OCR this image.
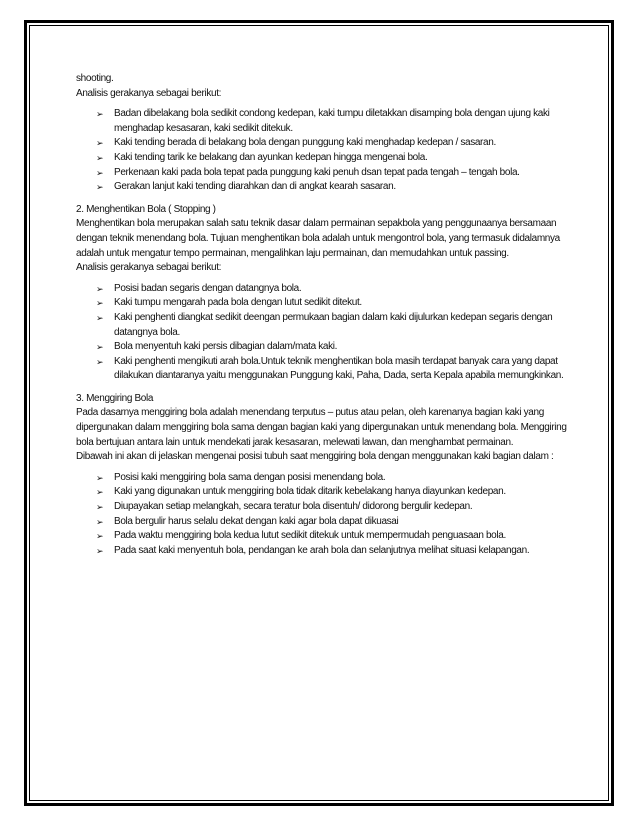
shooting.

Analisis gerakanya sebagai berikut:

➢ Badan dibelakang bola sedikit condong kedepan, kaki tumpu diletakkan disamping bola dengan ujung kaki menghadap kesasaran, kaki sedikit ditekuk.
➢ Kaki tending berada di belakang bola dengan punggung kaki menghadap kedepan / sasaran.
➢ Kaki tending tarik ke belakang dan ayunkan kedepan hingga mengenai bola.
➢ Perkenaan kaki pada bola tepat pada punggung kaki penuh dsan tepat pada tengah – tengah bola.
➢ Gerakan lanjut kaki tending diarahkan dan di angkat kearah sasaran.

2. Menghentikan Bola ( Stopping )

Menghentikan bola merupakan salah satu teknik dasar dalam permainan sepakbola yang penggunaanya bersamaan dengan teknik menendang bola. Tujuan menghentikan bola adalah untuk mengontrol bola, yang termasuk didalamnya adalah untuk mengatur tempo permainan, mengalihkan laju permainan, dan memudahkan untuk passing.

Analisis gerakanya sebagai berikut:

➢ Posisi badan segaris dengan datangnya bola.
➢ Kaki tumpu mengarah pada bola dengan lutut sedikit ditekut.
➢ Kaki penghenti diangkat sedikit deengan permukaan bagian dalam kaki dijulurkan kedepan segaris dengan datangnya bola.
➢ Bola menyentuh kaki persis dibagian dalam/mata kaki.
➢ Kaki penghenti mengikuti arah bola.Untuk teknik menghentikan bola masih terdapat banyak cara yang dapat dilakukan diantaranya yaitu menggunakan Punggung kaki, Paha, Dada, serta Kepala apabila memungkinkan.

3. Menggiring Bola

Pada dasarnya menggiring bola adalah menendang terputus – putus atau pelan, oleh karenanya bagian kaki yang dipergunakan dalam menggiring bola sama dengan bagian kaki yang dipergunakan untuk menendang bola. Menggiring bola bertujuan antara lain untuk mendekati jarak kesasaran, melewati lawan, dan menghambat permainan.

Dibawah ini akan di jelaskan mengenai posisi tubuh saat menggiring bola dengan menggunakan kaki bagian dalam :

➢ Posisi kaki menggiring bola sama dengan posisi menendang bola.
➢ Kaki yang digunakan untuk menggiring bola tidak ditarik kebelakang hanya diayunkan kedepan.
➢ Diupayakan setiap melangkah, secara teratur bola disentuh/ didorong bergulir kedepan.
➢ Bola bergulir harus selalu dekat dengan kaki agar bola dapat dikuasai
➢ Pada waktu menggiring bola kedua lutut sedikit ditekuk untuk mempermudah penguasaan bola.
➢ Pada saat kaki menyentuh bola, pendangan ke arah bola dan selanjutnya melihat situasi kelapangan.
